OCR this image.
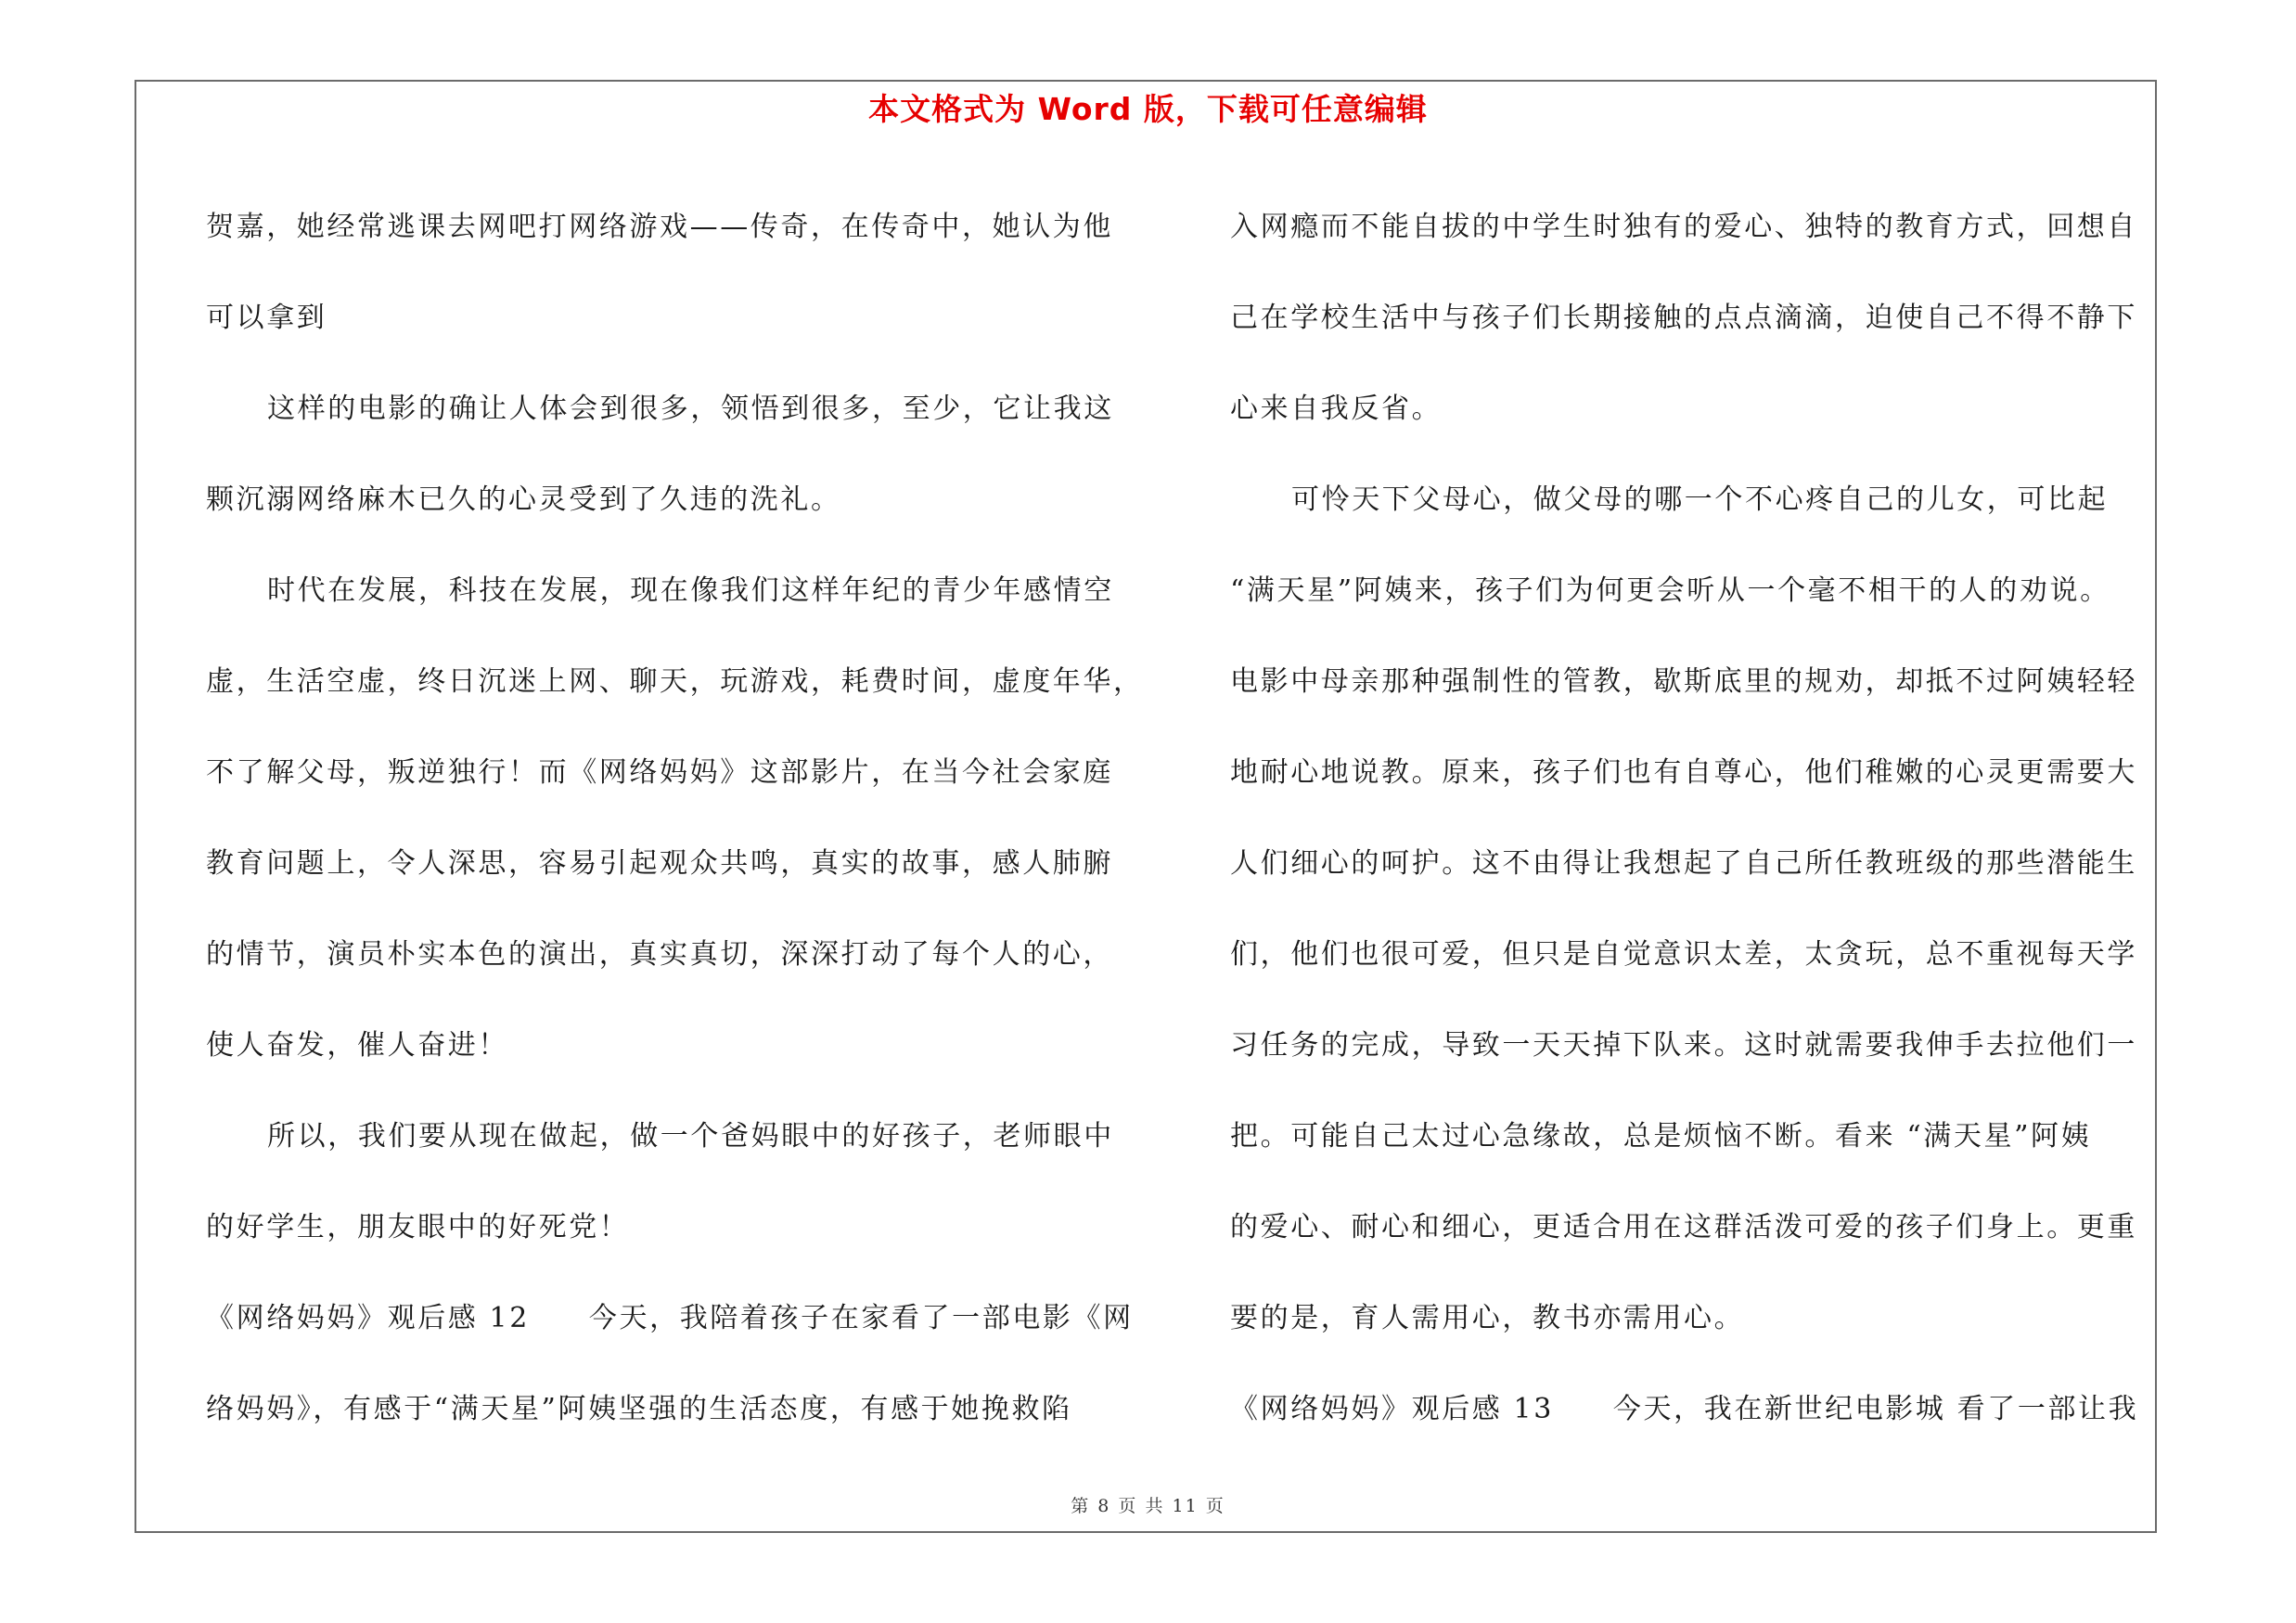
本文格式为 Word 版，下载可任意编辑
贺嘉，她经常逃课去网吧打网络游戏——传奇，在传奇中，她认为他
可以拿到
这样的电影的确让人体会到很多，领悟到很多，至少，它让我这
颗沉溺网络麻木已久的心灵受到了久违的洗礼。
时代在发展，科技在发展，现在像我们这样年纪的青少年感情空
虚，生活空虚，终日沉迷上网、聊天，玩游戏，耗费时间，虚度年华，
不了解父母，叛逆独行！而《网络妈妈》这部影片，在当今社会家庭
教育问题上，令人深思，容易引起观众共鸣，真实的故事，感人肺腑
的情节，演员朴实本色的演出，真实真切，深深打动了每个人的心，
使人奋发，催人奋进！
所以，我们要从现在做起，做一个爸妈眼中的好孩子，老师眼中
的好学生，朋友眼中的好死党！
《网络妈妈》观后感 12 今天，我陪着孩子在家看了一部电影《网
络妈妈》，有感于“满天星”阿姨坚强的生活态度，有感于她挽救陷
入网瘾而不能自拔的中学生时独有的爱心、独特的教育方式，回想自
己在学校生活中与孩子们长期接触的点点滴滴，迫使自己不得不静下
心来自我反省。
可怜天下父母心，做父母的哪一个不心疼自己的儿女，可比起
“满天星”阿姨来，孩子们为何更会听从一个毫不相干的人的劝说。
电影中母亲那种强制性的管教，歇斯底里的规劝，却抵不过阿姨轻轻
地耐心地说教。原来，孩子们也有自尊心，他们稚嫩的心灵更需要大
人们细心的呵护。这不由得让我想起了自己所任教班级的那些潜能生
们，他们也很可爱，但只是自觉意识太差，太贪玩，总不重视每天学
习任务的完成，导致一天天掉下队来。这时就需要我伸手去拉他们一
把。可能自己太过心急缘故，总是烦恼不断。看来 “满天星”阿姨
的爱心、耐心和细心，更适合用在这群活泼可爱的孩子们身上。更重
要的是，育人需用心，教书亦需用心。
《网络妈妈》观后感 13 今天，我在新世纪电影城 看了一部让我
第 8 页 共 11 页
